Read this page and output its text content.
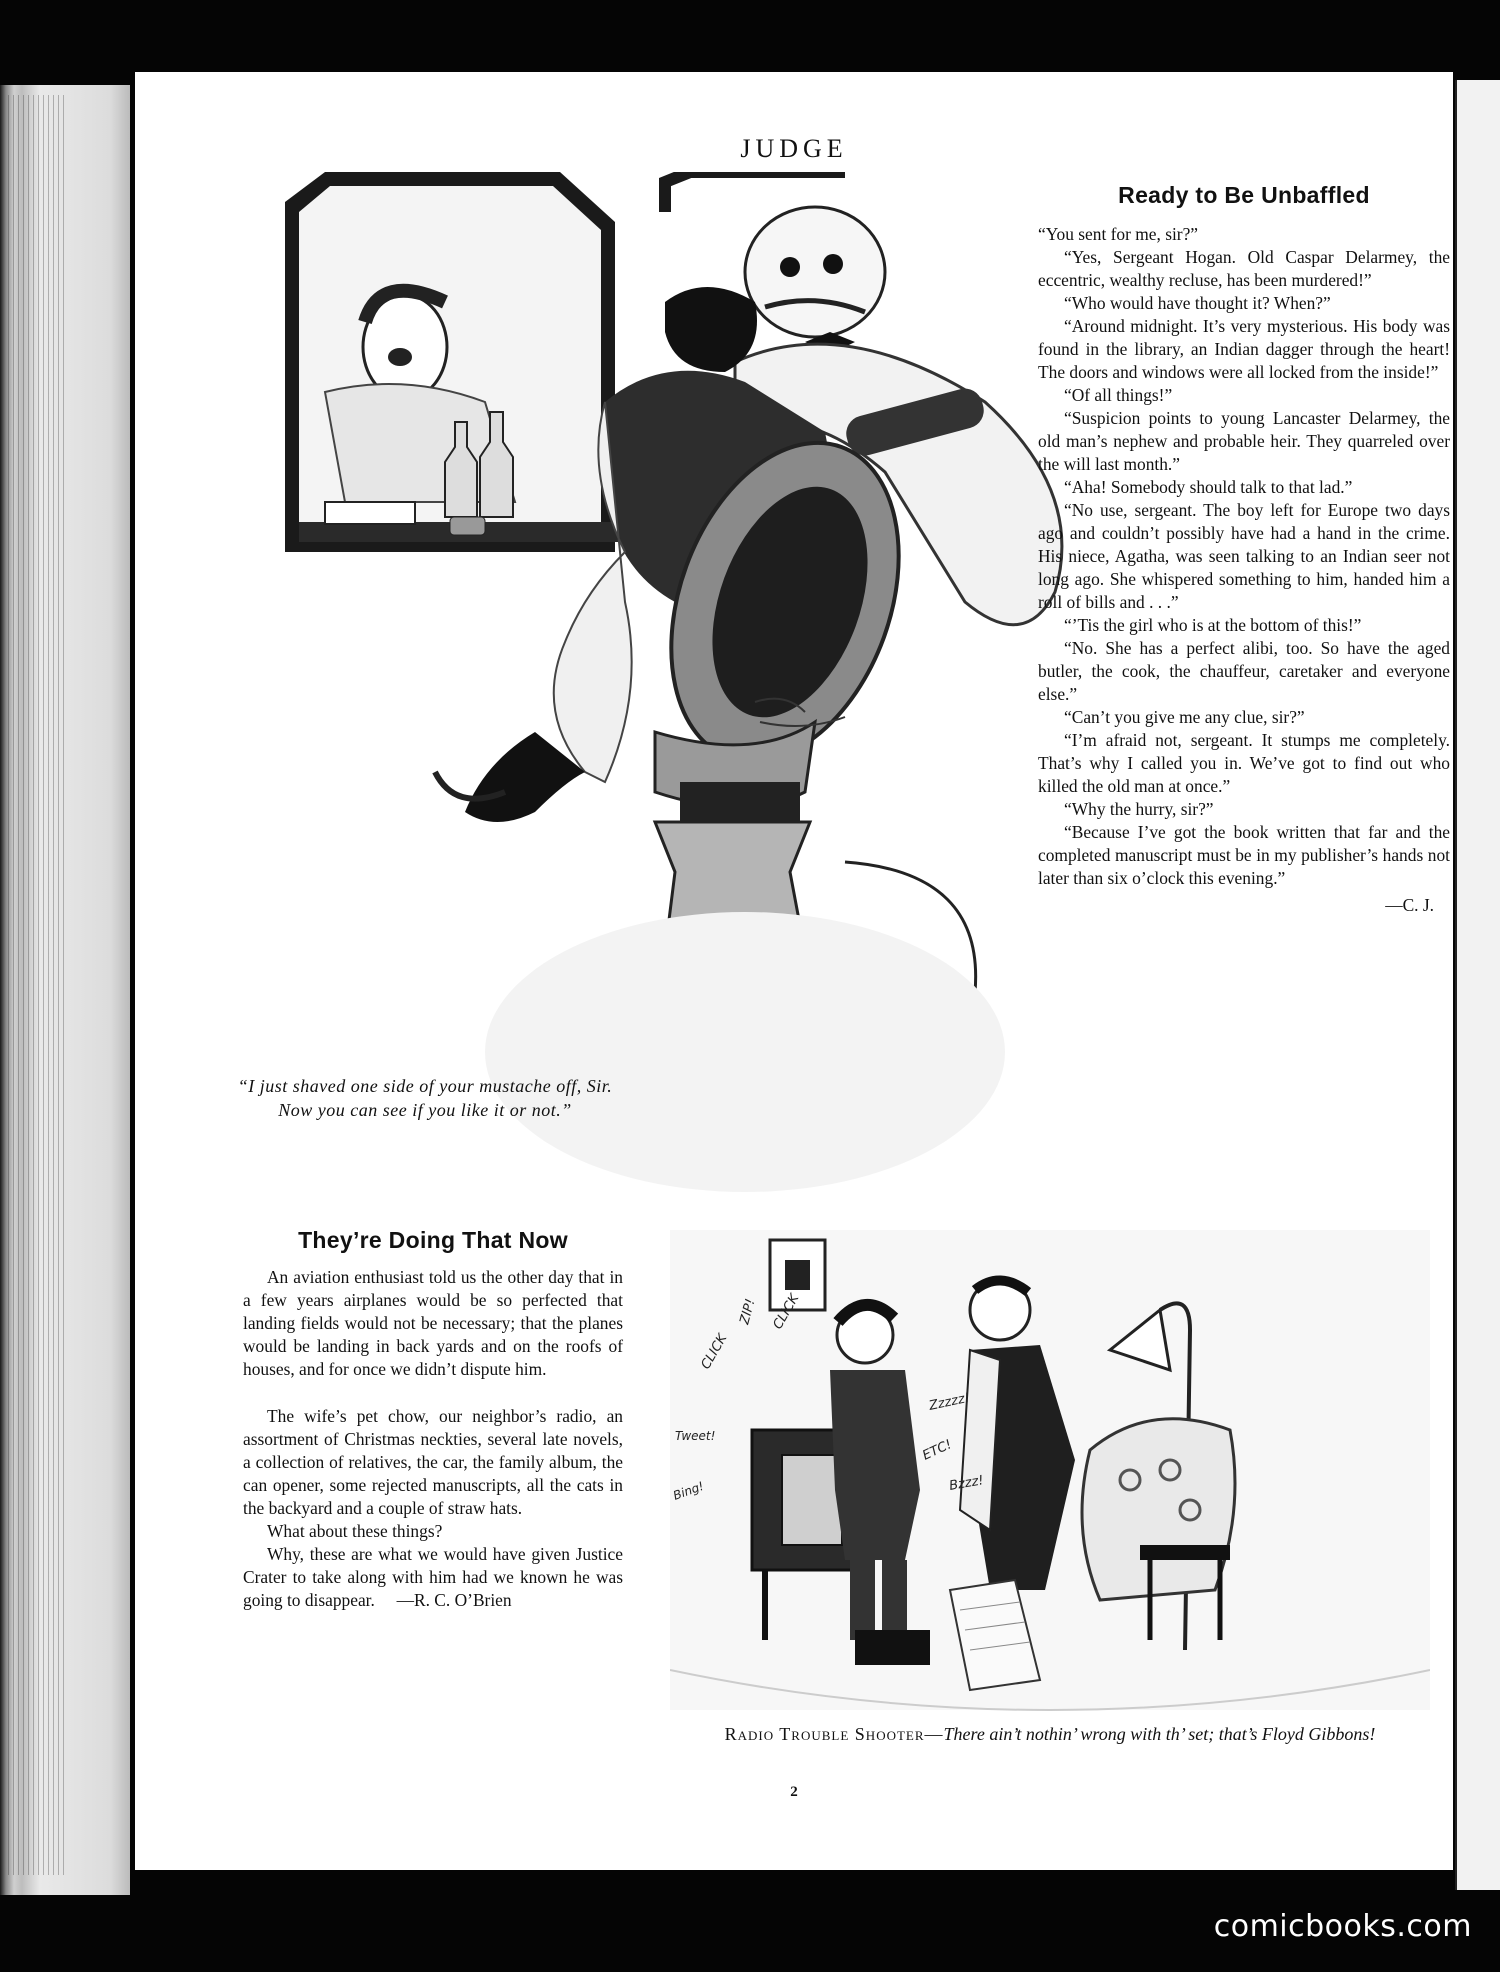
JUDGE
“I just shaved one side of your mustache off, Sir. Now you can see if you like it or not.”
Ready to Be Unbaffled

“You sent for me, sir?”

“Yes, Sergeant Hogan. Old Caspar Delarmey, the eccentric, wealthy recluse, has been murdered!”

“Who would have thought it? When?”

“Around midnight. It’s very mysterious. His body was found in the library, an Indian dagger through the heart! The doors and windows were all locked from the inside!”

“Of all things!”

“Suspicion points to young Lancaster Delarmey, the old man’s nephew and probable heir. They quarreled over the will last month.”

“Aha! Somebody should talk to that lad.”

“No use, sergeant. The boy left for Europe two days ago and couldn’t possibly have had a hand in the crime. His niece, Agatha, was seen talking to an Indian seer not long ago. She whispered something to him, handed him a roll of bills and . . .”

“’Tis the girl who is at the bottom of this!”

“No. She has a perfect alibi, too. So have the aged butler, the cook, the chauffeur, caretaker and everyone else.”

“Can’t you give me any clue, sir?”

“I’m afraid not, sergeant. It stumps me completely. That’s why I called you in. We’ve got to find out who killed the old man at once.”

“Why the hurry, sir?”

“Because I’ve got the book written that far and the completed manuscript must be in my publisher’s hands not later than six o’clock this evening.”

—C. J.
They’re Doing That Now

An aviation enthusiast told us the other day that in a few years airplanes would be so perfected that landing fields would not be necessary; that the planes would be landing in back yards and on the roofs of houses, and for once we didn’t dispute him.

The wife’s pet chow, our neighbor’s radio, an assortment of Christmas neckties, several late novels, a collection of relatives, the car, the family album, the can opener, some rejected manuscripts, all the cats in the backyard and a couple of straw hats.

What about these things?

Why, these are what we would have given Justice Crater to take along with him had we known he was going to disappear. —R. C. O’Brien

CLICK
ZIP! CLICK
Zzzzz!
ETC!
Bzzz!
Tweet!
Bing!
Radio Trouble Shooter—There ain’t nothin’ wrong with th’ set; that’s Floyd Gibbons!
2
comicbooks.com
